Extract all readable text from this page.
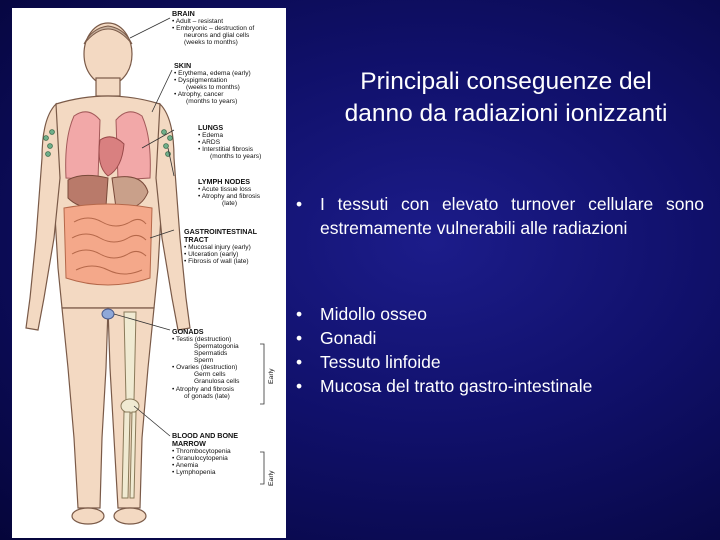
BRAIN
• Adult – resistant
• Embryonic – destruction of
neurons and glial cells
(weeks to months)
SKIN
• Erythema, edema (early)
• Dyspigmentation
(weeks to months)
• Atrophy, cancer
(months to years)
LUNGS
• Edema
• ARDS
• Interstitial fibrosis
(months to years)
LYMPH NODES
• Acute tissue loss
• Atrophy and fibrosis
(late)
GASTROINTESTINAL
TRACT
• Mucosal injury (early)
• Ulceration (early)
• Fibrosis of wall (late)
GONADS
• Testis (destruction)
Spermatogonia
Spermatids
Sperm
• Ovaries (destruction)
Germ cells
Granulosa cells
• Atrophy and fibrosis
of gonads (late)
Early
BLOOD AND BONE
MARROW
• Thrombocytopenia
• Granulocytopenia
• Anemia
• Lymphopenia	Early
Principali conseguenze del
danno da radiazioni ionizzanti
• I tessuti con elevato turnover cellulare sono estremamente vulnerabili alle radiazioni
• Midollo osseo
• Gonadi
• Tessuto linfoide
• Mucosa del tratto gastro-intestinale
